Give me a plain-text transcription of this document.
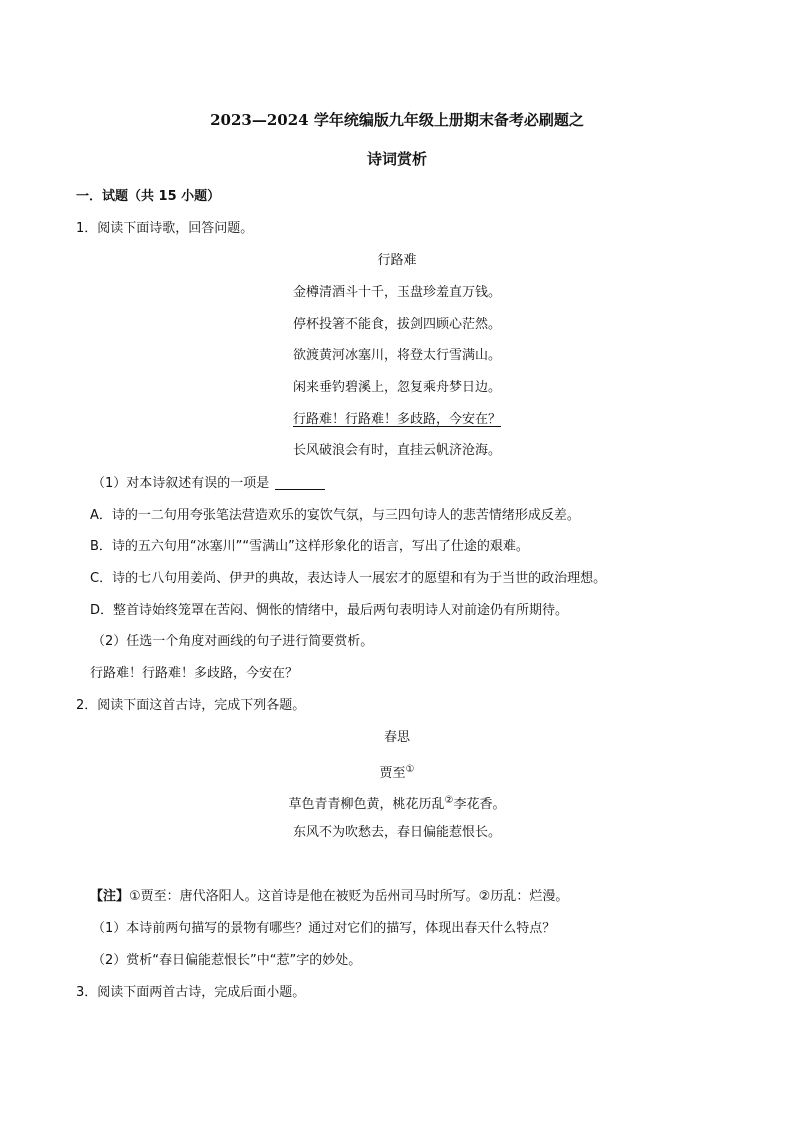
2023—2024 学年统编版九年级上册期末备考必刷题之
诗词赏析
一．试题（共 15 小题）
1．阅读下面诗歌，回答问题。
行路难
金樽清酒斗十千，玉盘珍羞直万钱。
停杯投箸不能食，拔剑四顾心茫然。
欲渡黄河冰塞川，将登太行雪满山。
闲来垂钓碧溪上，忽复乘舟梦日边。
行路难！行路难！多歧路，今安在？
长风破浪会有时，直挂云帆济沧海。
（1）对本诗叙述有误的一项是
A．诗的一二句用夸张笔法营造欢乐的宴饮气氛，与三四句诗人的悲苦情绪形成反差。
B．诗的五六句用“冰塞川”“雪满山”这样形象化的语言，写出了仕途的艰难。
C．诗的七八句用姜尚、伊尹的典故，表达诗人一展宏才的愿望和有为于当世的政治理想。
D．整首诗始终笼罩在苦闷、惆怅的情绪中，最后两句表明诗人对前途仍有所期待。
（2）任选一个角度对画线的句子进行简要赏析。
行路难！行路难！多歧路，今安在？
2．阅读下面这首古诗，完成下列各题。
春思
贾至①
草色青青柳色黄，桃花历乱②李花香。
东风不为吹愁去，春日偏能惹恨长。
【注】①贾至：唐代洛阳人。这首诗是他在被贬为岳州司马时所写。②历乱：烂漫。
（1）本诗前两句描写的景物有哪些？通过对它们的描写，体现出春天什么特点？
（2）赏析“春日偏能惹恨长”中“惹”字的妙处。
3．阅读下面两首古诗，完成后面小题。
